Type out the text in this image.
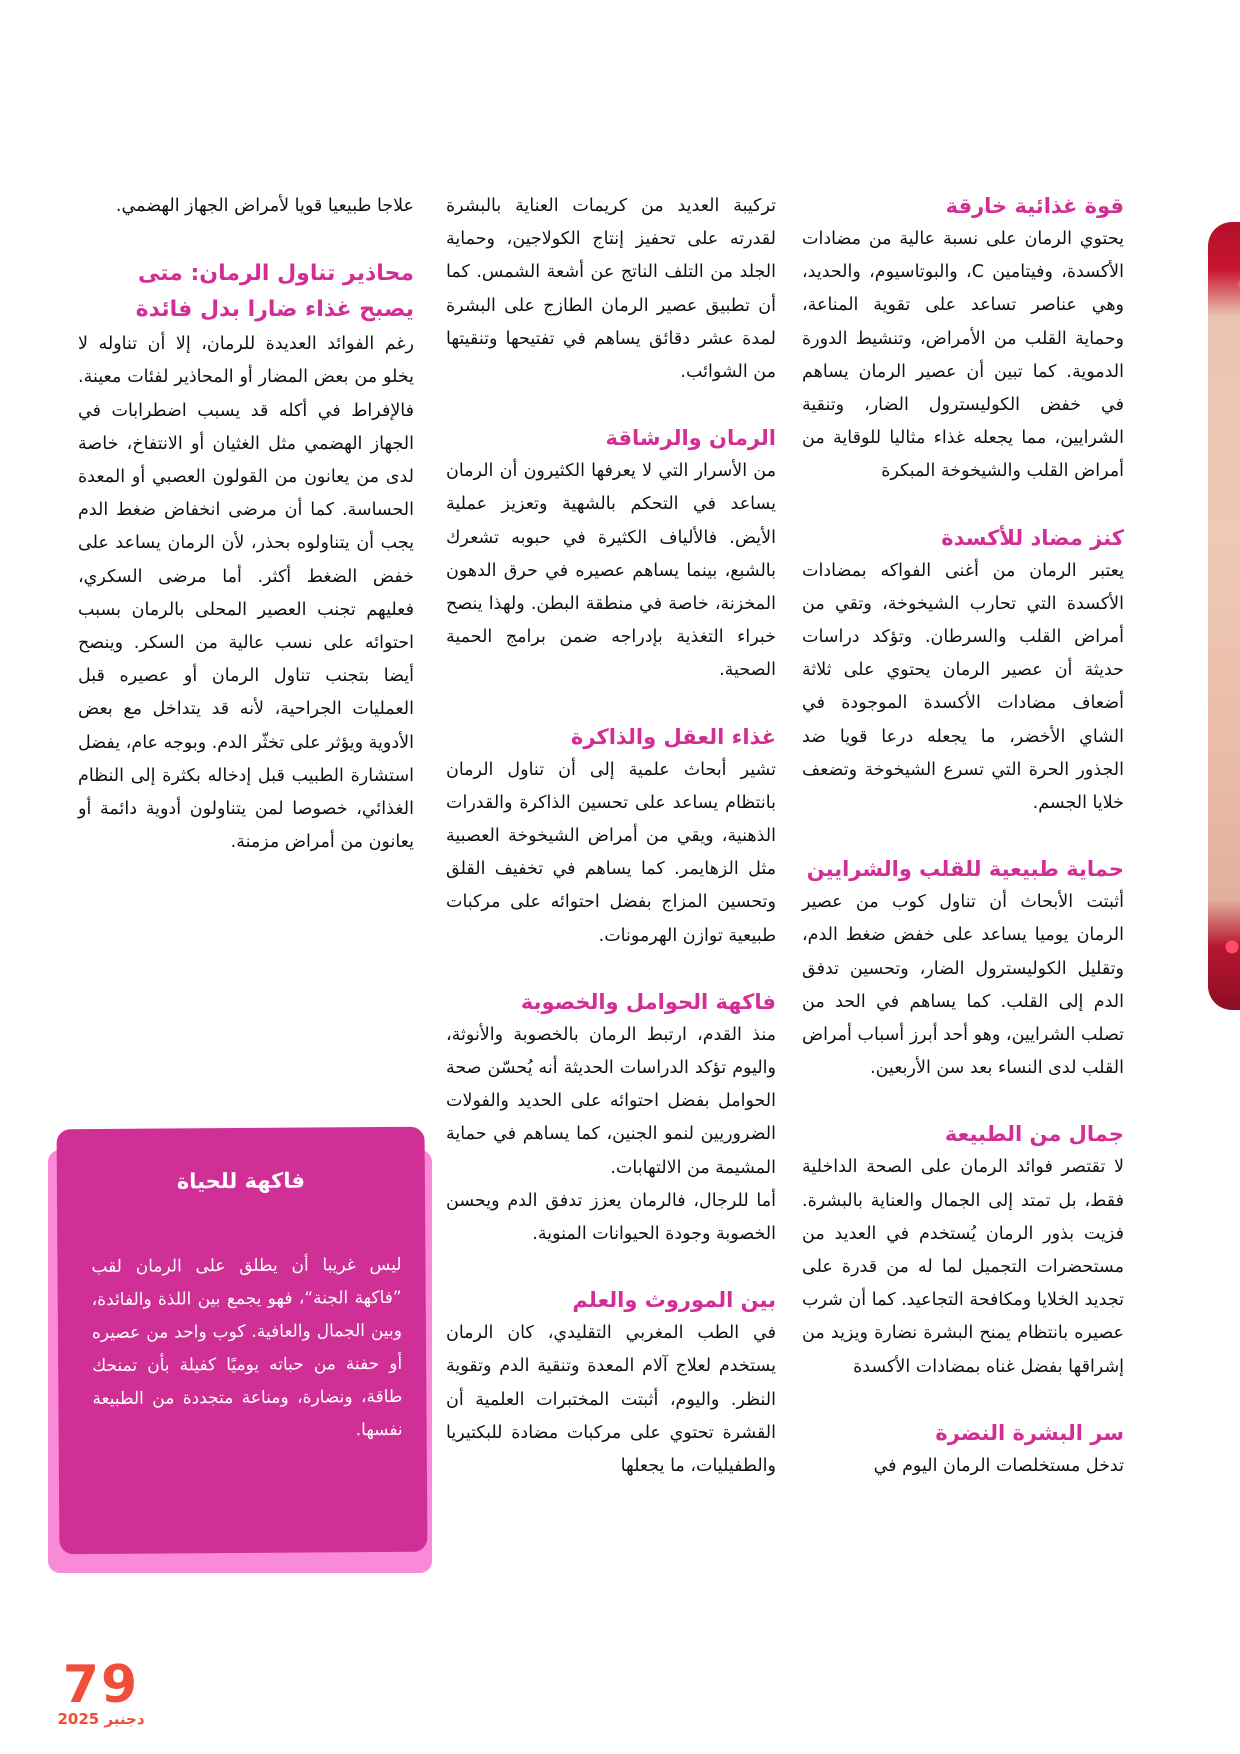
قوة غذائية خارقة

يحتوي الرمان على نسبة عالية من مضادات الأكسدة، وفيتامين C، والبوتاسيوم، والحديد، وهي عناصر تساعد على تقوية المناعة، وحماية القلب من الأمراض، وتنشيط الدورة الدموية. كما تبين أن عصير الرمان يساهم في خفض الكوليسترول الضار، وتنقية الشرايين، مما يجعله غذاء مثاليا للوقاية من أمراض القلب والشيخوخة المبكرة

كنز مضاد للأكسدة

يعتبر الرمان من أغنى الفواكه بمضادات الأكسدة التي تحارب الشيخوخة، وتقي من أمراض القلب والسرطان. وتؤكد دراسات حديثة أن عصير الرمان يحتوي على ثلاثة أضعاف مضادات الأكسدة الموجودة في الشاي الأخضر، ما يجعله درعا قويا ضد الجذور الحرة التي تسرع الشيخوخة وتضعف خلايا الجسم.

حماية طبيعية للقلب والشرايين

أثبتت الأبحاث أن تناول كوب من عصير الرمان يوميا يساعد على خفض ضغط الدم، وتقليل الكوليسترول الضار، وتحسين تدفق الدم إلى القلب. كما يساهم في الحد من تصلب الشرايين، وهو أحد أبرز أسباب أمراض القلب لدى النساء بعد سن الأربعين.

جمال من الطبيعة

لا تقتصر فوائد الرمان على الصحة الداخلية فقط، بل تمتد إلى الجمال والعناية بالبشرة. فزيت بذور الرمان يُستخدم في العديد من مستحضرات التجميل لما له من قدرة على تجديد الخلايا ومكافحة التجاعيد. كما أن شرب عصيره بانتظام يمنح البشرة نضارة ويزيد من إشراقها بفضل غناه بمضادات الأكسدة

سر البشرة النضرة

تدخل مستخلصات الرمان اليوم في

تركيبة العديد من كريمات العناية بالبشرة لقدرته على تحفيز إنتاج الكولاجين، وحماية الجلد من التلف الناتج عن أشعة الشمس. كما أن تطبيق عصير الرمان الطازج على البشرة لمدة عشر دقائق يساهم في تفتيحها وتنقيتها من الشوائب.

الرمان والرشاقة

من الأسرار التي لا يعرفها الكثيرون أن الرمان يساعد في التحكم بالشهية وتعزيز عملية الأيض. فالألياف الكثيرة في حبوبه تشعرك بالشبع، بينما يساهم عصيره في حرق الدهون المخزنة، خاصة في منطقة البطن. ولهذا ينصح خبراء التغذية بإدراجه ضمن برامج الحمية الصحية.

غذاء العقل والذاكرة

تشير أبحاث علمية إلى أن تناول الرمان بانتظام يساعد على تحسين الذاكرة والقدرات الذهنية، ويقي من أمراض الشيخوخة العصبية مثل الزهايمر. كما يساهم في تخفيف القلق وتحسين المزاج بفضل احتوائه على مركبات طبيعية توازن الهرمونات.

فاكهة الحوامل والخصوبة

منذ القدم، ارتبط الرمان بالخصوبة والأنوثة، واليوم تؤكد الدراسات الحديثة أنه يُحسّن صحة الحوامل بفضل احتوائه على الحديد والفولات الضروريين لنمو الجنين، كما يساهم في حماية المشيمة من الالتهابات.

أما للرجال، فالرمان يعزز تدفق الدم ويحسن الخصوبة وجودة الحيوانات المنوية.

بين الموروث والعلم

في الطب المغربي التقليدي، كان الرمان يستخدم لعلاج آلام المعدة وتنقية الدم وتقوية النظر. واليوم، أثبتت المختبرات العلمية أن القشرة تحتوي على مركبات مضادة للبكتيريا والطفيليات، ما يجعلها

علاجا طبيعيا قويا لأمراض الجهاز الهضمي.

محاذير تناول الرمان: متى يصبح غذاء ضارا بدل فائدة

رغم الفوائد العديدة للرمان، إلا أن تناوله لا يخلو من بعض المضار أو المحاذير لفئات معينة. فالإفراط في أكله قد يسبب اضطرابات في الجهاز الهضمي مثل الغثيان أو الانتفاخ، خاصة لدى من يعانون من القولون العصبي أو المعدة الحساسة. كما أن مرضى انخفاض ضغط الدم يجب أن يتناولوه بحذر، لأن الرمان يساعد على خفض الضغط أكثر. أما مرضى السكري، فعليهم تجنب العصير المحلى بالرمان بسبب احتوائه على نسب عالية من السكر. وينصح أيضا بتجنب تناول الرمان أو عصيره قبل العمليات الجراحية، لأنه قد يتداخل مع بعض الأدوية ويؤثر على تخثّر الدم. وبوجه عام، يفضل استشارة الطبيب قبل إدخاله بكثرة إلى النظام الغذائي، خصوصا لمن يتناولون أدوية دائمة أو يعانون من أمراض مزمنة.

فاكهة للحياة

ليس غريبا أن يطلق على الرمان لقب ”فاكهة الجنة“، فهو يجمع بين اللذة والفائدة، وبين الجمال والعافية. كوب واحد من عصيره أو حفنة من حباته يوميًا كفيلة بأن تمنحك طاقة، ونضارة، ومناعة متجددة من الطبيعة نفسها.

79
دجنبر 2025
